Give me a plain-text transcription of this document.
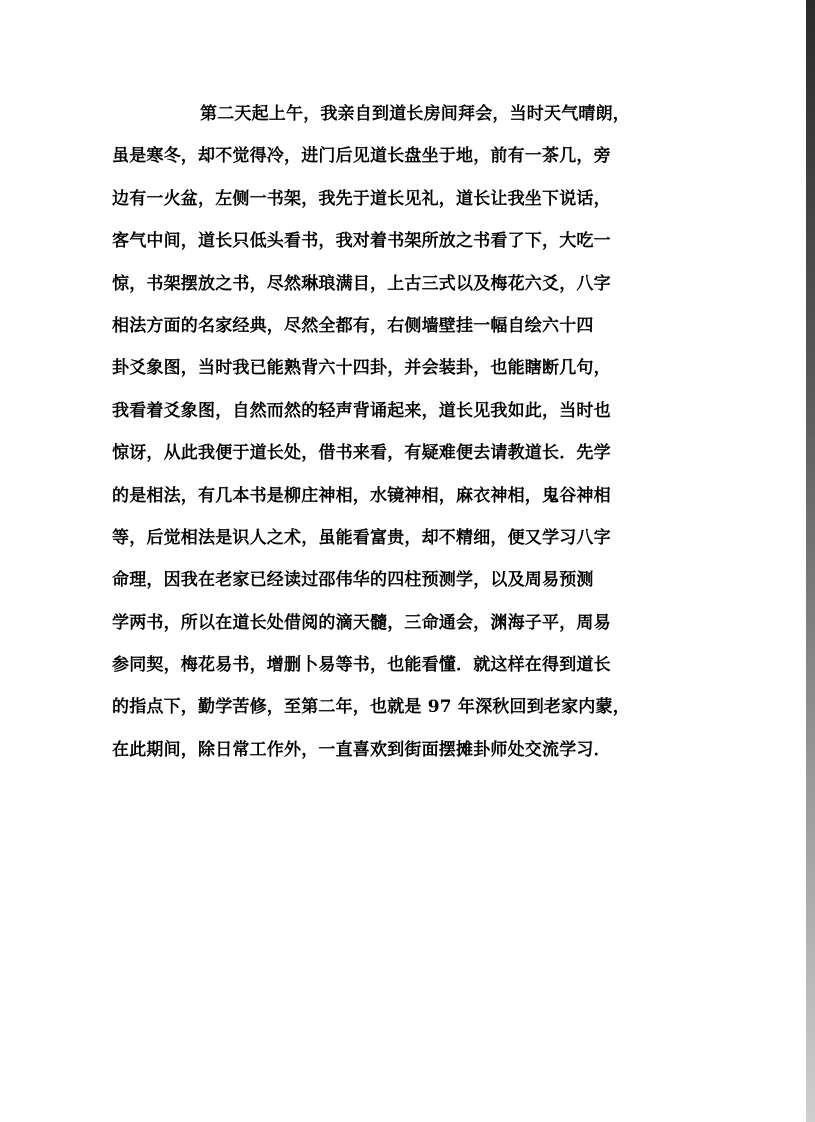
第二天起上午，我亲自到道长房间拜会，当时天气晴朗，
虽是寒冬，却不觉得冷，进门后见道长盘坐于地，前有一茶几，旁
边有一火盆，左侧一书架，我先于道长见礼，道长让我坐下说话，
客气中间，道长只低头看书，我对着书架所放之书看了下，大吃一
惊，书架摆放之书，尽然琳琅满目，上古三式以及梅花六爻，八字
相法方面的名家经典，尽然全都有，右侧墙壁挂一幅自绘六十四
卦爻象图，当时我已能熟背六十四卦，并会装卦，也能瞎断几句，
我看着爻象图，自然而然的轻声背诵起来，道长见我如此，当时也
惊讶，从此我便于道长处，借书来看，有疑难便去请教道长．先学
的是相法，有几本书是柳庄神相，水镜神相，麻衣神相，鬼谷神相
等，后觉相法是识人之术，虽能看富贵，却不精细，便又学习八字
命理，因我在老家已经读过邵伟华的四柱预测学，以及周易预测
学两书，所以在道长处借阅的滴天髓，三命通会，渊海子平，周易
参同契，梅花易书，增删卜易等书，也能看懂．就这样在得到道长
的指点下，勤学苦修，至第二年，也就是 97 年深秋回到老家内蒙，
在此期间，除日常工作外，一直喜欢到街面摆摊卦师处交流学习．
